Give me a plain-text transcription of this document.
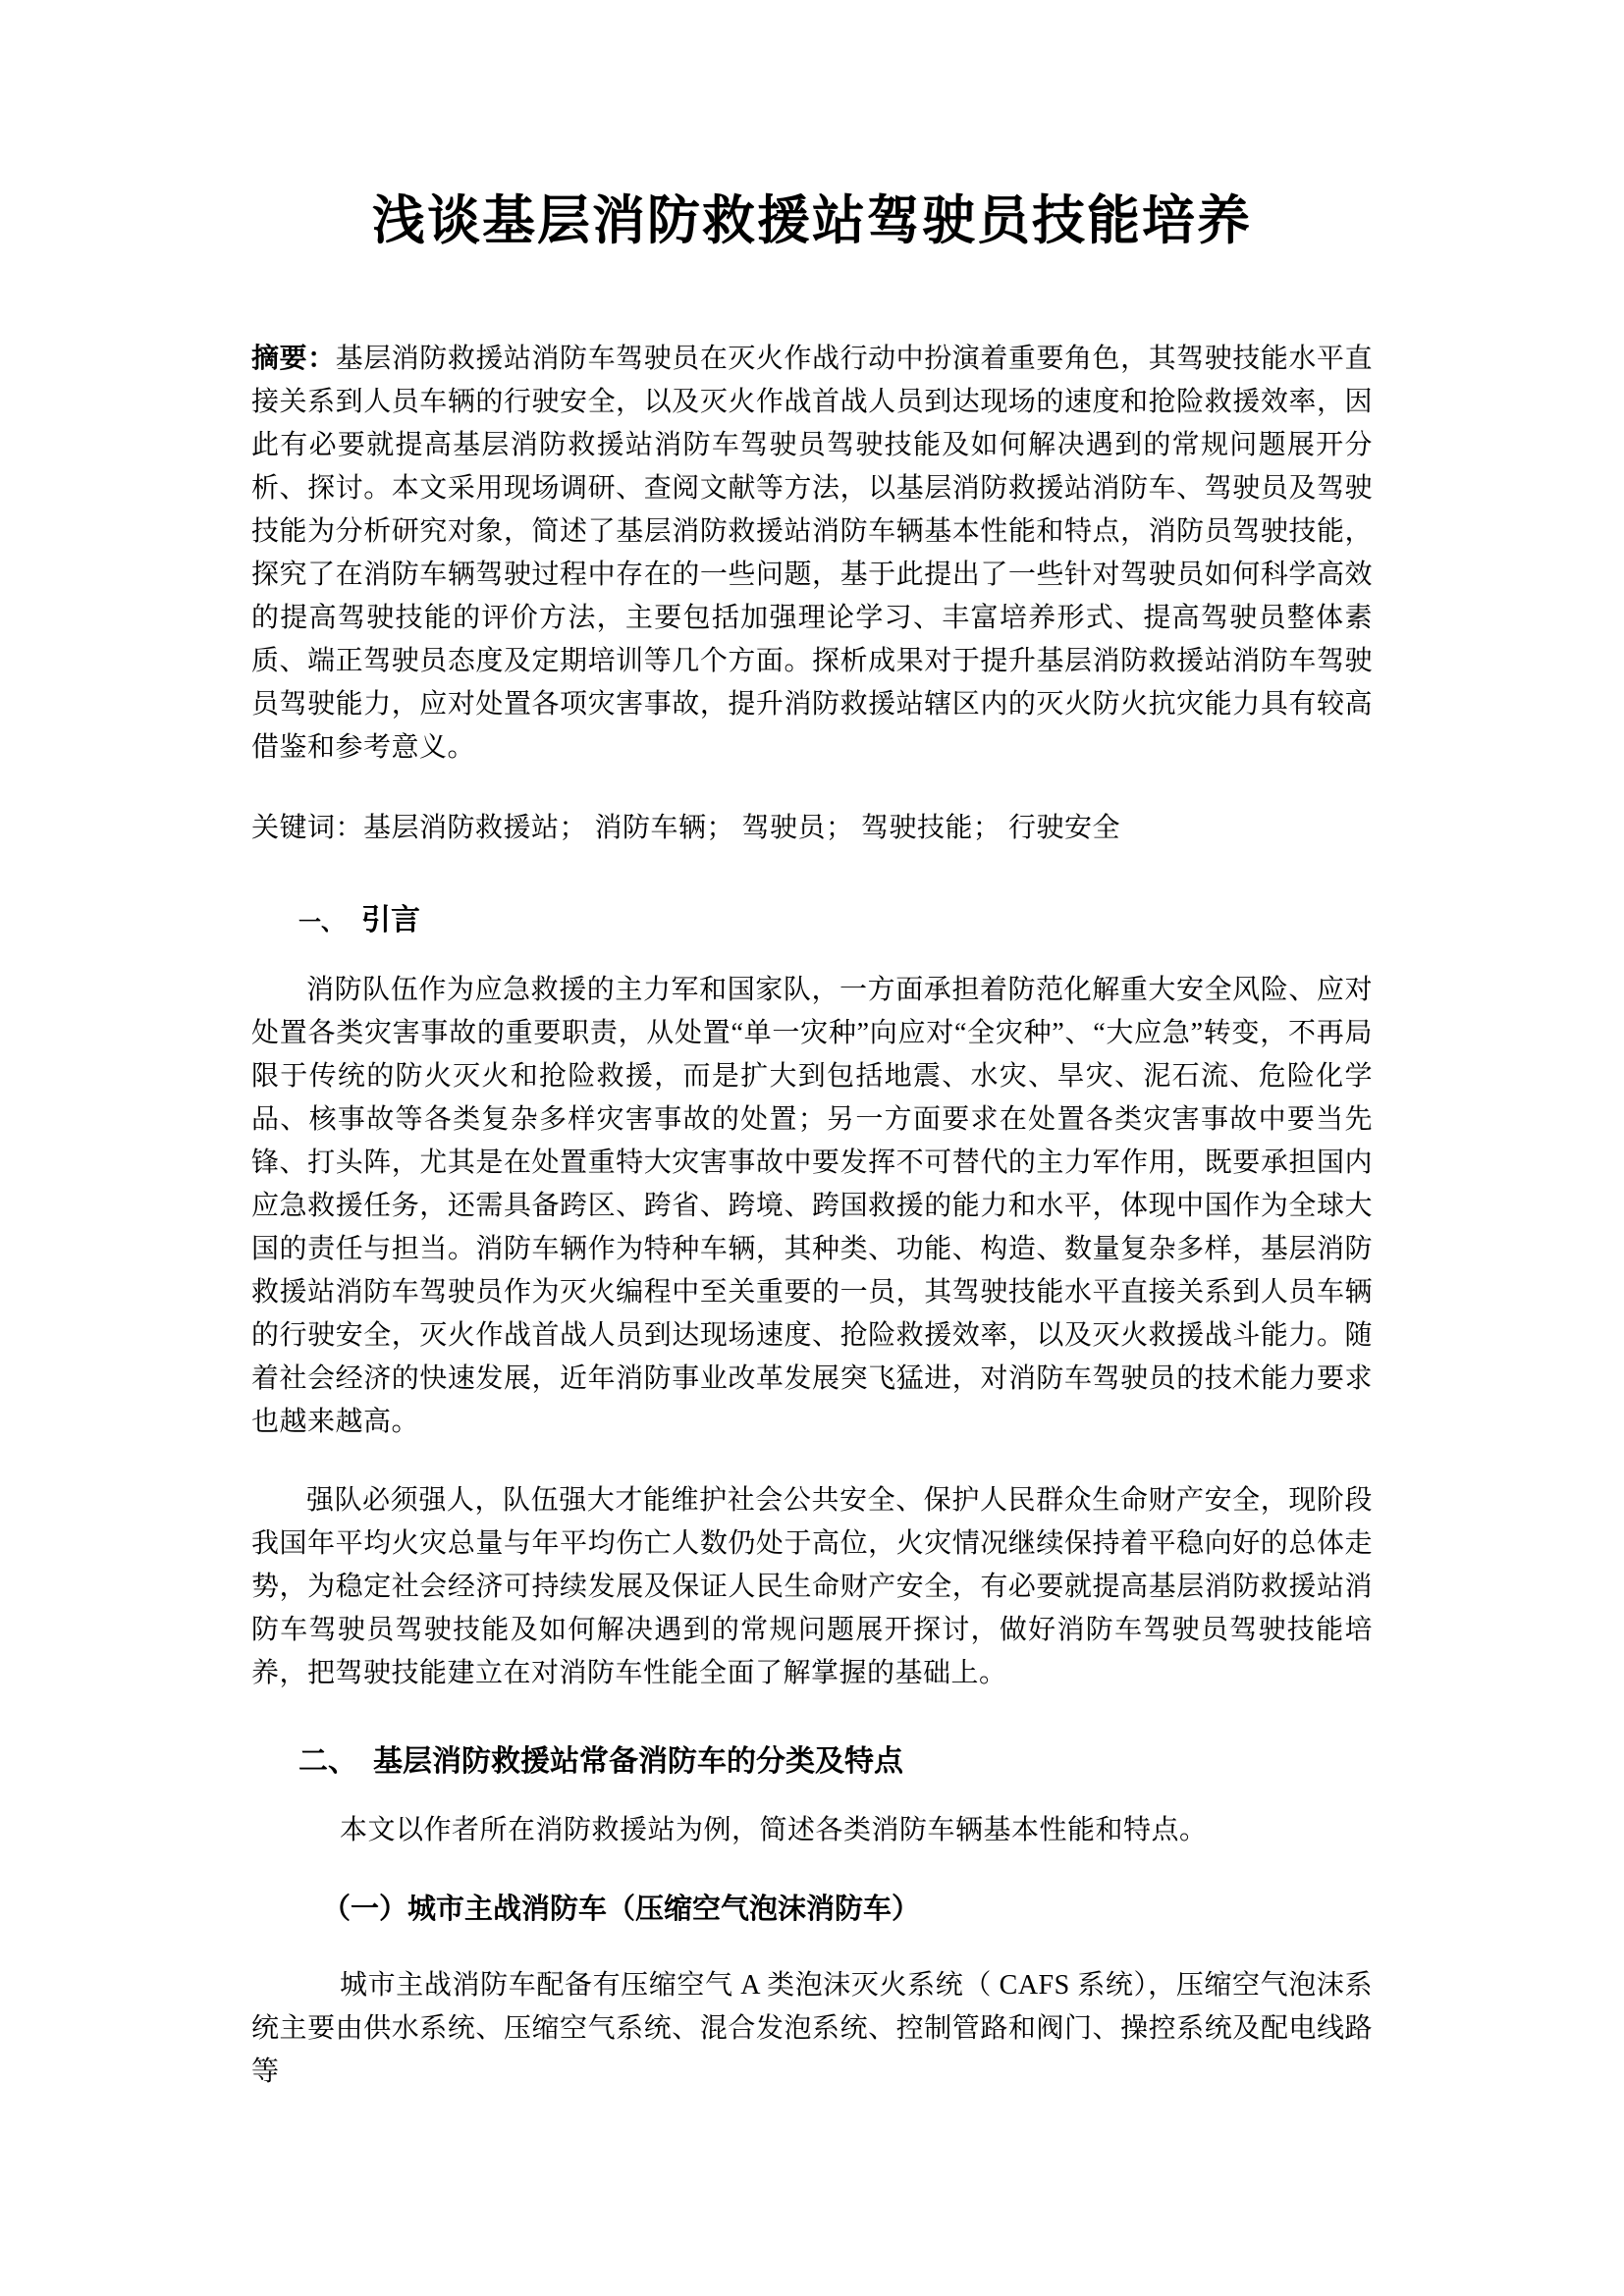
浅谈基层消防救援站驾驶员技能培养

摘要：基层消防救援站消防车驾驶员在灭火作战行动中扮演着重要角色，其驾驶技能水平直接关系到人员车辆的行驶安全，以及灭火作战首战人员到达现场的速度和抢险救援效率，因此有必要就提高基层消防救援站消防车驾驶员驾驶技能及如何解决遇到的常规问题展开分析、探讨。本文采用现场调研、查阅文献等方法，以基层消防救援站消防车、驾驶员及驾驶技能为分析研究对象，简述了基层消防救援站消防车辆基本性能和特点，消防员驾驶技能，探究了在消防车辆驾驶过程中存在的一些问题，基于此提出了一些针对驾驶员如何科学高效的提高驾驶技能的评价方法，主要包括加强理论学习、丰富培养形式、提高驾驶员整体素质、端正驾驶员态度及定期培训等几个方面。探析成果对于提升基层消防救援站消防车驾驶员驾驶能力，应对处置各项灾害事故，提升消防救援站辖区内的灭火防火抗灾能力具有较高借鉴和参考意义。

关键词：基层消防救援站； 消防车辆； 驾驶员； 驾驶技能； 行驶安全

一、 引言

消防队伍作为应急救援的主力军和国家队，一方面承担着防范化解重大安全风险、应对处置各类灾害事故的重要职责，从处置“单一灾种”向应对“全灾种”、“大应急”转变，不再局限于传统的防火灭火和抢险救援，而是扩大到包括地震、水灾、旱灾、泥石流、危险化学品、核事故等各类复杂多样灾害事故的处置；另一方面要求在处置各类灾害事故中要当先锋、打头阵，尤其是在处置重特大灾害事故中要发挥不可替代的主力军作用，既要承担国内应急救援任务，还需具备跨区、跨省、跨境、跨国救援的能力和水平，体现中国作为全球大国的责任与担当。消防车辆作为特种车辆，其种类、功能、构造、数量复杂多样，基层消防救援站消防车驾驶员作为灭火编程中至关重要的一员，其驾驶技能水平直接关系到人员车辆的行驶安全，灭火作战首战人员到达现场速度、抢险救援效率，以及灭火救援战斗能力。随着社会经济的快速发展，近年消防事业改革发展突飞猛进，对消防车驾驶员的技术能力要求也越来越高。

强队必须强人，队伍强大才能维护社会公共安全、保护人民群众生命财产安全，现阶段我国年平均火灾总量与年平均伤亡人数仍处于高位，火灾情况继续保持着平稳向好的总体走势，为稳定社会经济可持续发展及保证人民生命财产安全，有必要就提高基层消防救援站消防车驾驶员驾驶技能及如何解决遇到的常规问题展开探讨，做好消防车驾驶员驾驶技能培养，把驾驶技能建立在对消防车性能全面了解掌握的基础上。

二、 基层消防救援站常备消防车的分类及特点

本文以作者所在消防救援站为例，简述各类消防车辆基本性能和特点。

（一）城市主战消防车（压缩空气泡沫消防车）

城市主战消防车配备有压缩空气 A 类泡沫灭火系统（ CAFS 系统），压缩空气泡沫系统主要由供水系统、压缩空气系统、混合发泡系统、控制管路和阀门、操控系统及配电线路等
